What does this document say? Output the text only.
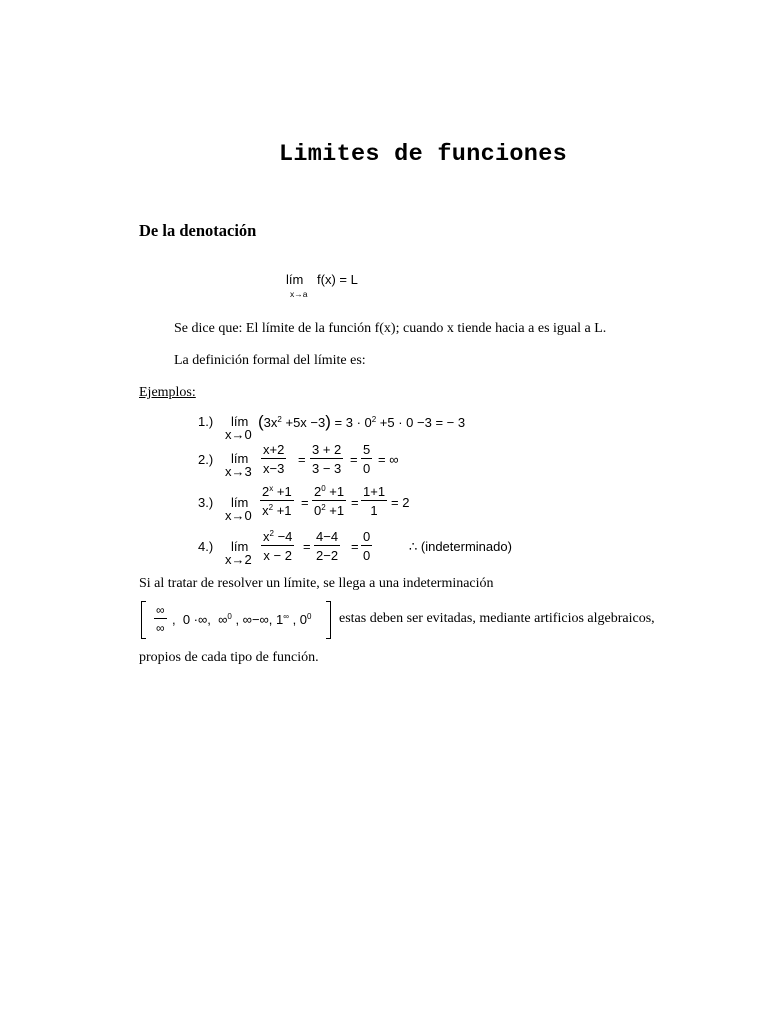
Limites de funciones
De la denotación
lím
x→a
f(x) = L
Se dice que: El límite de la función f(x); cuando x tiende hacia a es igual a L.
La definición formal del límite es:
Ejemplos:
1.) lím
x→0
$(3x^2 +5x -3) = 3 \cdot 0^2 +5 \cdot 0 -3$ = − 3
2.) lím
$x\to 3 \frac{x+2}{x-3} = \frac{3 + 2}{3 - 3} = \frac{5}{0}$ = ∞
3.) lím
$x\to 0 \frac{2^x +1}{x^2 +1} = \frac{2^0 +1}{0^2 +1} = \frac{1+1}{1} = 2$
4.) lím
$x\to 2 \frac{x^2 -4}{x - 2} = \frac{4-4}{2-2} = \frac{0}{0}$	∴ (indeterminado)
Si al tratar de resolver un límite, se llega a una indeterminación
∞
∞
,  0 ·∞,  ∞$^0$ , ∞−∞, 1∞ , $0^0$ estas deben ser evitadas, mediante artificios algebraicos,
propios de cada tipo de función.
